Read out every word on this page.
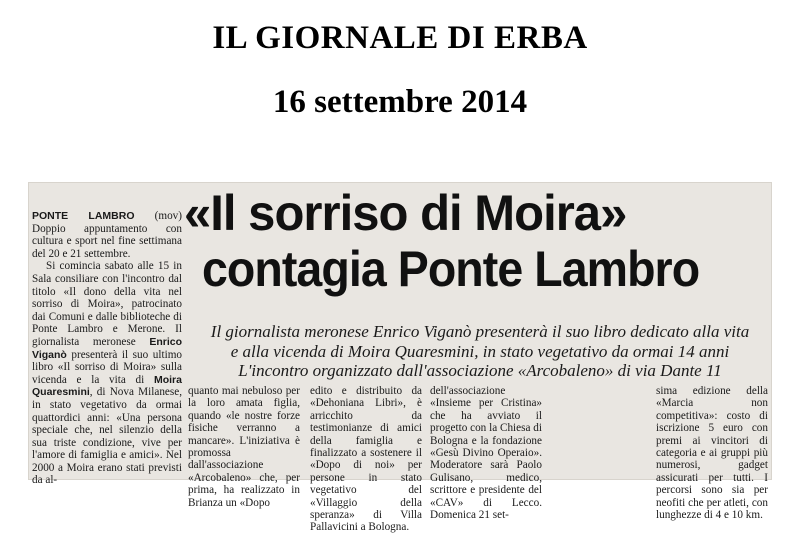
IL GIORNALE DI ERBA
16 settembre 2014

PONTE LAMBRO (mov) Doppio appuntamento con cultura e sport nel fine settimana del 20 e 21 settembre.

Si comincia sabato alle 15 in Sala consiliare con l'incontro dal titolo «Il dono della vita nel sorriso di Moira», patrocinato dai Comuni e dalle biblioteche di Ponte Lambro e Merone. Il giornalista meronese Enrico Viganò presenterà il suo ultimo libro «Il sorriso di Moira» sulla vicenda e la vita di Moira Quaresmini, di Nova Milanese, in stato vegetativo da ormai quattordici anni: «Una persona speciale che, nel silenzio della sua triste condizione, vive per l'amore di famiglia e amici». Nel 2000 a Moira erano stati previsti da al-

«Il sorriso di Moira»
contagia Ponte Lambro
Il giornalista meronese Enrico Viganò presenterà il suo libro dedicato alla vita
e alla vicenda di Moira Quaresmini, in stato vegetativo da ormai 14 anni
L'incontro organizzato dall'associazione «Arcobaleno» di via Dante 11
quanto mai nebuloso per la loro amata figlia, quando «le nostre forze fisiche verranno a mancare». L'iniziativa è promossa dall'associazione «Arcobaleno» che, per prima, ha realizzato in Brianza un «Dopo
edito e distribuito da «Dehoniana Libri», è arricchito da testimonianze di amici della famiglia e finalizzato a sostenere il «Dopo di noi» per persone in stato vegetativo del «Villaggio della speranza» di Villa Pallavicini a Bologna.
dell'associazione «Insieme per Cristina» che ha avviato il progetto con la Chiesa di Bologna e la fondazione «Gesù Divino Operaio». Moderatore sarà Paolo Gulisano, medico, scrittore e presidente del «CAV» di Lecco. Domenica 21 set-
sima edizione della «Marcia non competitiva»: costo di iscrizione 5 euro con premi ai vincitori di categoria e ai gruppi più numerosi, gadget assicurati per tutti. I percorsi sono sia per neofiti che per atleti, con lunghezze di 4 e 10 km.
